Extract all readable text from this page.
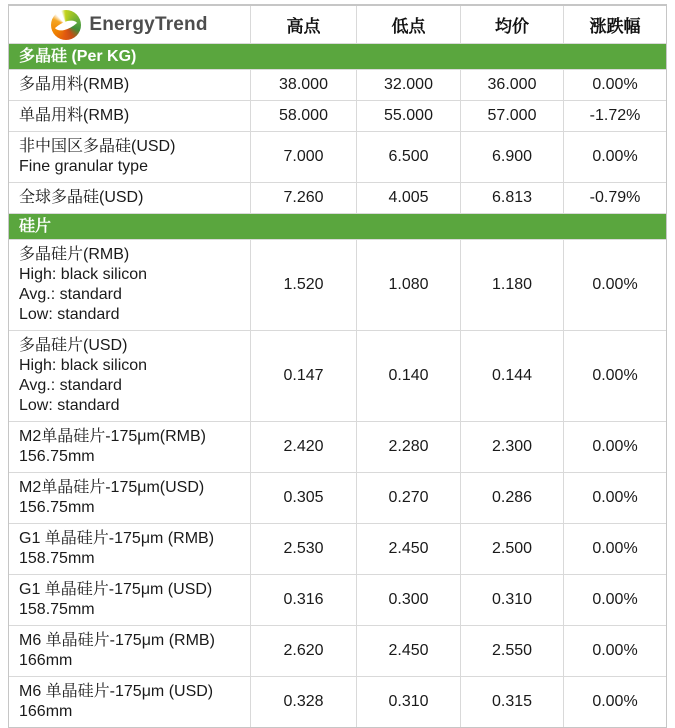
EnergyTrend	高点	低点	均价	涨跌幅
多晶硅 (Per KG)
多晶用料(RMB)	38.000	32.000	36.000	0.00%
单晶用料(RMB)	58.000	55.000	57.000	-1.72%
非中国区多晶硅(USD)
Fine granular type
7.000	6.500	6.900	0.00%
全球多晶硅(USD)	7.260	4.005	6.813	-0.79%
硅片
多晶硅片(RMB)
High: black silicon
Avg.: standard
Low: standard
1.520	1.080	1.180	0.00%
多晶硅片(USD)
High: black silicon
Avg.: standard
Low: standard
0.147	0.140	0.144	0.00%
M2单晶硅片-175μm(RMB)
156.75mm
2.420	2.280	2.300	0.00%
M2单晶硅片-175μm(USD)
156.75mm
0.305	0.270	0.286	0.00%
G1 单晶硅片-175μm (RMB)
158.75mm
2.530	2.450	2.500	0.00%
G1 单晶硅片-175μm (USD)
158.75mm
0.316	0.300	0.310	0.00%
M6 单晶硅片-175μm (RMB)
166mm
2.620	2.450	2.550	0.00%
M6 单晶硅片-175μm (USD)
166mm
0.328	0.310	0.315	0.00%
